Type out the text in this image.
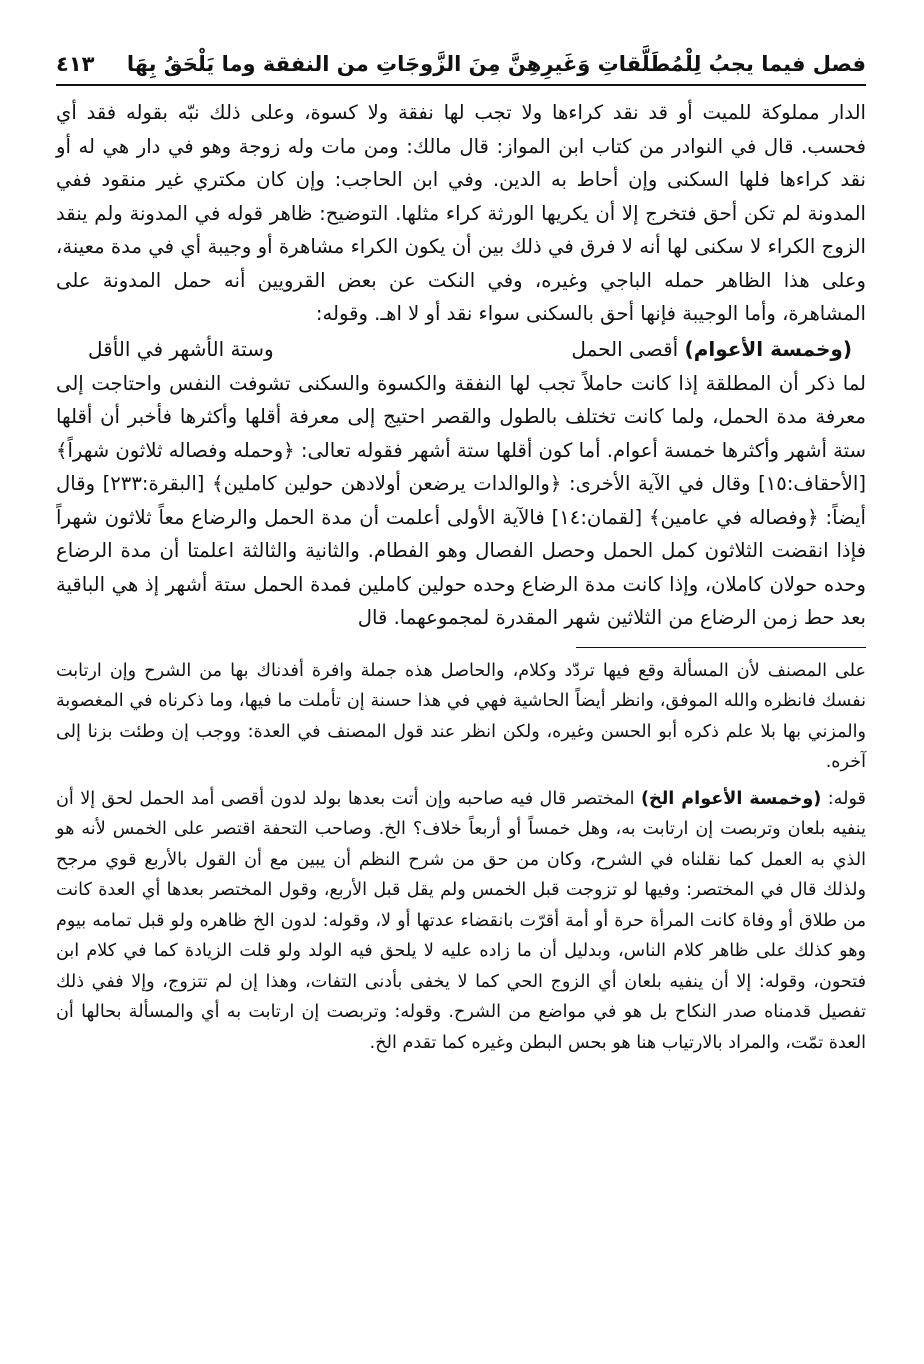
فصل فيما يجبُ لِلْمُطَلَّقاتِ وَغَيرِهِنَّ مِنَ الزَّوجَاتِ من النفقة وما يَلْحَقُ بِهَا
٤١٣

الدار مملوكة للميت أو قد نقد كراءها ولا تجب لها نفقة ولا كسوة، وعلى ذلك نبّه بقوله فقد أي فحسب. قال في النوادر من كتاب ابن المواز: قال مالك: ومن مات وله زوجة وهو في دار هي له أو نقد كراءها فلها السكنى وإن أحاط به الدين. وفي ابن الحاجب: وإن كان مكتري غير منقود ففي المدونة لم تكن أحق فتخرج إلا أن يكريها الورثة كراء مثلها. التوضيح: ظاهر قوله في المدونة ولم ينقد الزوج الكراء لا سكنى لها أنه لا فرق في ذلك بين أن يكون الكراء مشاهرة أو وجيبة أي في مدة معينة، وعلى هذا الظاهر حمله الباجي وغيره، وفي النكت عن بعض القرويين أنه حمل المدونة على المشاهرة، وأما الوجيبة فإنها أحق بالسكنى سواء نقد أو لا اهـ. وقوله:

(وخمسة الأعوام) أقصى الحمل
وستة الأشهر في الأقل

لما ذكر أن المطلقة إذا كانت حاملاً تجب لها النفقة والكسوة والسكنى تشوفت النفس واحتاجت إلى معرفة مدة الحمل، ولما كانت تختلف بالطول والقصر احتيج إلى معرفة أقلها وأكثرها فأخبر أن أقلها ستة أشهر وأكثرها خمسة أعوام. أما كون أقلها ستة أشهر فقوله تعالى: ﴿وحمله وفصاله ثلاثون شهراً﴾ [الأحقاف:١٥] وقال في الآية الأخرى: ﴿والوالدات يرضعن أولادهن حولين كاملين﴾ [البقرة:٢٣٣] وقال أيضاً: ﴿وفصاله في عامين﴾ [لقمان:١٤] فالآية الأولى أعلمت أن مدة الحمل والرضاع معاً ثلاثون شهراً فإذا انقضت الثلاثون كمل الحمل وحصل الفصال وهو الفطام. والثانية والثالثة اعلمتا أن مدة الرضاع وحده حولان كاملان، وإذا كانت مدة الرضاع وحده حولين كاملين فمدة الحمل ستة أشهر إذ هي الباقية بعد حط زمن الرضاع من الثلاثين شهر المقدرة لمجموعهما. قال

على المصنف لأن المسألة وقع فيها تردّد وكلام، والحاصل هذه جملة وافرة أفدناك بها من الشرح وإن ارتابت نفسك فانظره والله الموفق، وانظر أيضاً الحاشية فهي في هذا حسنة إن تأملت ما فيها، وما ذكرناه في المغصوبة والمزني بها بلا علم ذكره أبو الحسن وغيره، ولكن انظر عند قول المصنف في العدة: ووجب إن وطئت بزنا إلى آخره.

قوله: (وخمسة الأعوام الخ) المختصر قال فيه صاحبه وإن أتت بعدها بولد لدون أقصى أمد الحمل لحق إلا أن ينفيه بلعان وتربصت إن ارتابت به، وهل خمساً أو أربعاً خلاف؟ الخ. وصاحب التحفة اقتصر على الخمس لأنه هو الذي به العمل كما نقلناه في الشرح، وكان من حق من شرح النظم أن يبين مع أن القول بالأربع قوي مرجح ولذلك قال في المختصر: وفيها لو تزوجت قبل الخمس ولم يقل قبل الأربع، وقول المختصر بعدها أي العدة كانت من طلاق أو وفاة كانت المرأة حرة أو أمة أقرّت بانقضاء عدتها أو لا، وقوله: لدون الخ ظاهره ولو قبل تمامه بيوم وهو كذلك على ظاهر كلام الناس، وبدليل أن ما زاده عليه لا يلحق فيه الولد ولو قلت الزيادة كما في كلام ابن فتحون، وقوله: إلا أن ينفيه بلعان أي الزوج الحي كما لا يخفى بأدنى التفات، وهذا إن لم تتزوج، وإلا ففي ذلك تفصيل قدمناه صدر النكاح بل هو في مواضع من الشرح. وقوله: وتربصت إن ارتابت به أي والمسألة بحالها أن العدة تمّت، والمراد بالارتياب هنا هو بحس البطن وغيره كما تقدم الخ.
